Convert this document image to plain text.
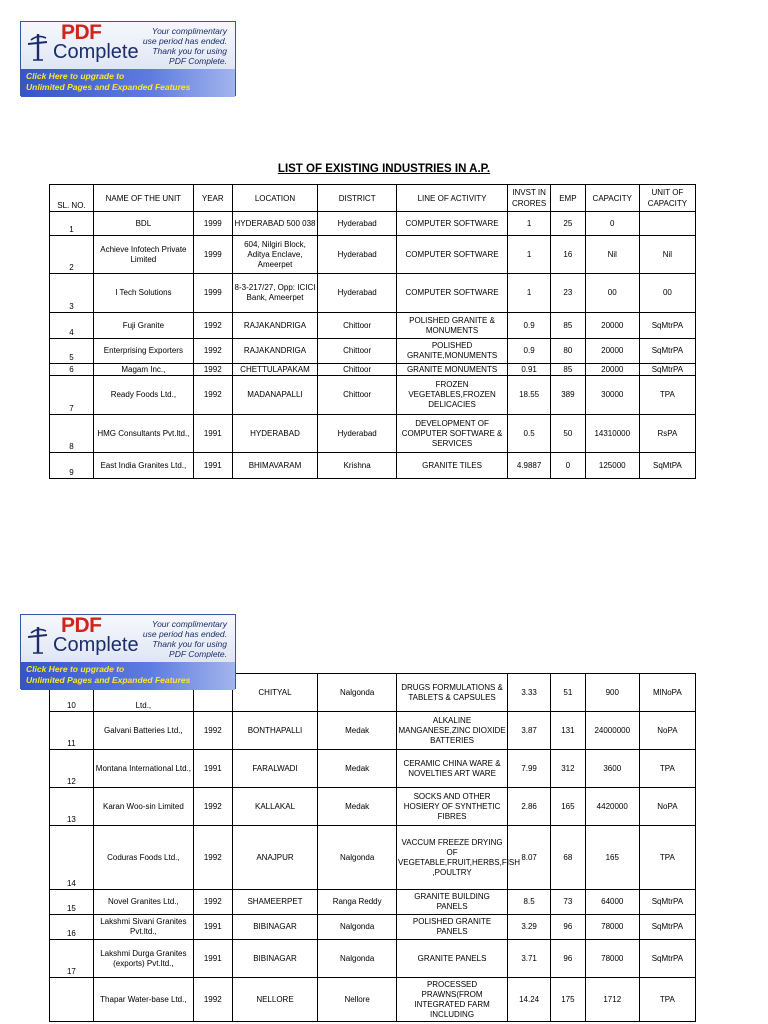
PDF
Complete
Your complimentary
use period has ended.
Thank you for using
PDF Complete.
Click Here to upgrade to
Unlimited Pages and Expanded Features
LIST OF EXISTING INDUSTRIES IN A.P.
SL. NO.	NAME OF THE UNIT	YEAR	LOCATION	DISTRICT	LINE OF ACTIVITY	INVST IN CRORES	EMP	CAPACITY	UNIT OF CAPACITY

1	BDL	1999	HYDERABAD 500 038	Hyderabad	COMPUTER SOFTWARE	1	25	0	

2	Achieve Infotech Private Limited	1999	604, Nilgiri Block, Aditya Enclave, Ameerpet	Hyderabad	COMPUTER SOFTWARE	1	16	Nil	Nil

3	I Tech Solutions	1999	8-3-217/27, Opp: ICICI Bank, Ameerpet	Hyderabad	COMPUTER SOFTWARE	1	23	00	00

4	Fuji Granite	1992	RAJAKANDRIGA	Chittoor	POLISHED GRANITE & MONUMENTS	0.9	85	20000	SqMtrPA

5	Enterprising Exporters	1992	RAJAKANDRIGA	Chittoor	POLISHED GRANITE,MONUMENTS	0.9	80	20000	SqMtrPA

6	Magam Inc.,	1992	CHETTULAPAKAM	Chittoor	GRANITE MONUMENTS	0.91	85	20000	SqMtrPA

7	Ready Foods Ltd.,	1992	MADANAPALLI	Chittoor	FROZEN VEGETABLES,FROZEN DELICACIES	18.55	389	30000	TPA

8	HMG Consultants Pvt.ltd.,	1991	HYDERABAD	Hyderabad	DEVELOPMENT OF COMPUTER SOFTWARE & SERVICES	0.5	50	14310000	RsPA

9	East India Granites Ltd.,	1991	BHIMAVARAM	Krishna	GRANITE TILES	4.9887	0	125000	SqMtPA
10	Ltd.,		CHITYAL	Nalgonda	DRUGS FORMULATIONS & TABLETS & CAPSULES	3.33	51	900	MlNoPA

11	Galvani Batteries Ltd.,	1992	BONTHAPALLI	Medak	ALKALINE MANGANESE,ZINC DIOXIDE BATTERIES	3.87	131	24000000	NoPA

12	Montana International Ltd.,	1991	FARALWADI	Medak	CERAMIC CHINA WARE & NOVELTIES ART WARE	7.99	312	3600	TPA

13	Karan Woo-sin Limited	1992	KALLAKAL	Medak	SOCKS AND OTHER HOSIERY OF SYNTHETIC FIBRES	2.86	165	4420000	NoPA

14	Coduras Foods Ltd.,	1992	ANAJPUR	Nalgonda	VACCUM FREEZE DRYING OF VEGETABLE,FRUIT,HERBS,FISH ,POULTRY	8.07	68	165	TPA

15	Novel Granites Ltd.,	1992	SHAMEERPET	Ranga Reddy	GRANITE BUILDING PANELS	8.5	73	64000	SqMtrPA

16	Lakshmi Sivani Granites Pvt.ltd.,	1991	BIBINAGAR	Nalgonda	POLISHED GRANITE PANELS	3.29	96	78000	SqMtrPA

17	Lakshmi Durga Granites (exports) Pvt.ltd.,	1991	BIBINAGAR	Nalgonda	GRANITE PANELS	3.71	96	78000	SqMtrPA

	Thapar Water-base Ltd.,	1992	NELLORE	Nellore	PROCESSED PRAWNS(FROM INTEGRATED FARM INCLUDING	14.24	175	1712	TPA
PDF
Complete
Your complimentary
use period has ended.
Thank you for using
PDF Complete.
Click Here to upgrade to
Unlimited Pages and Expanded Features
